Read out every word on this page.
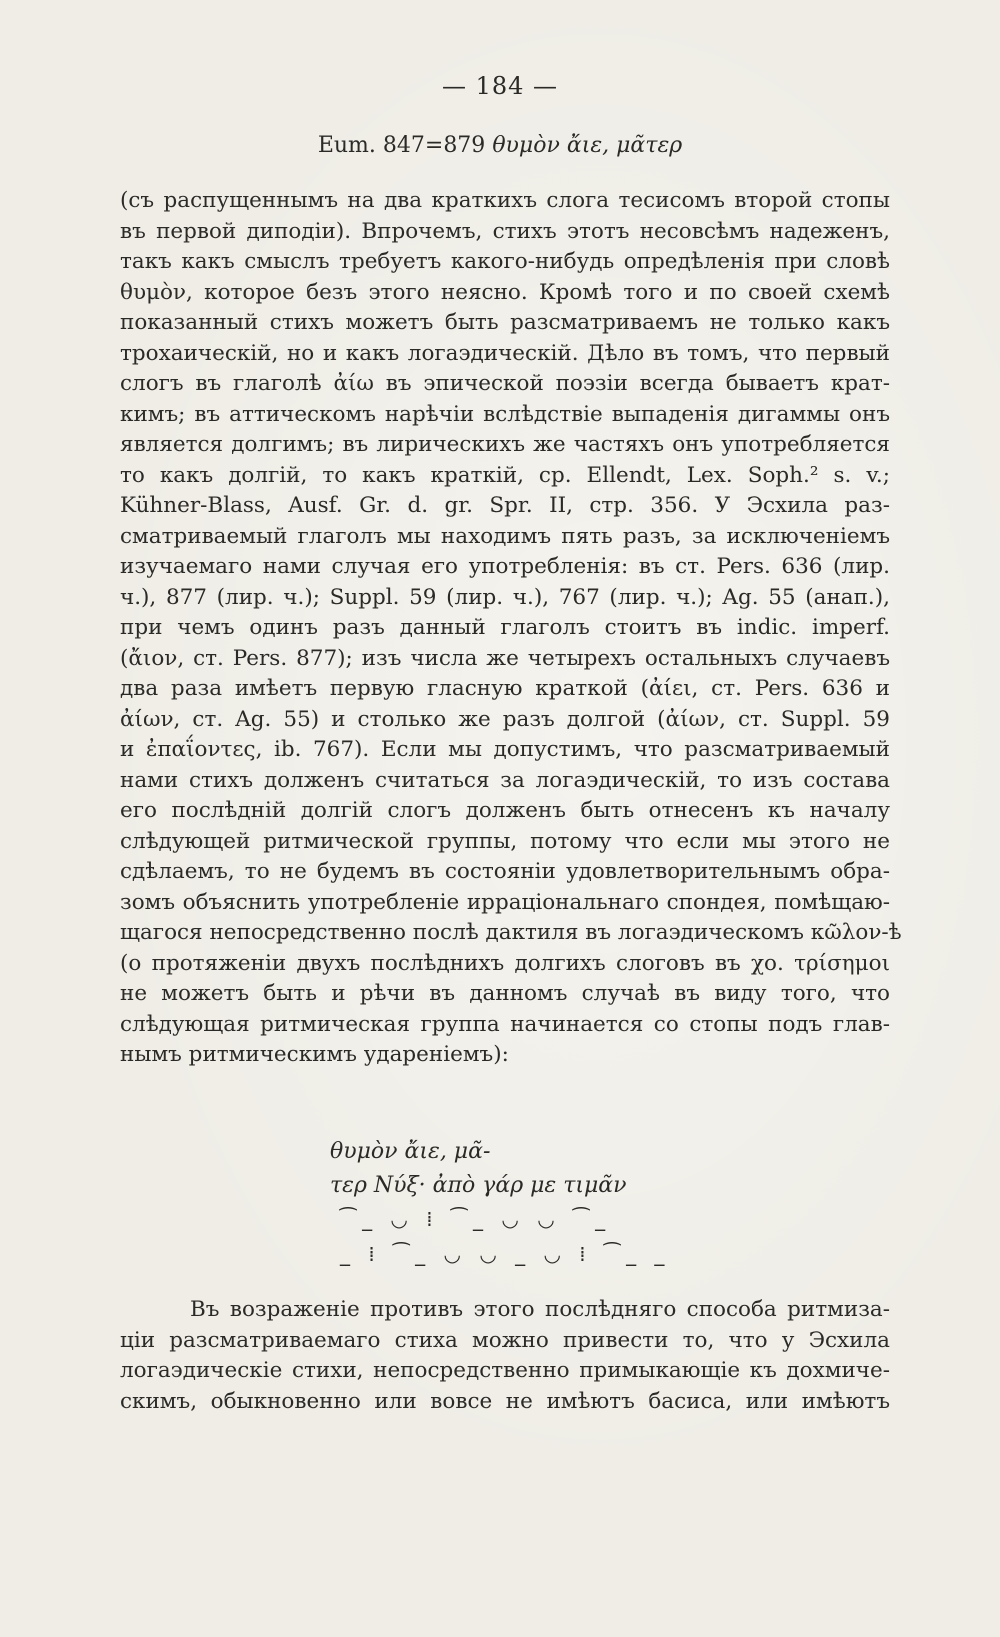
— 184 —
Eum. 847=879 θυμὸν ἄιε, μᾶτερ
(съ распущеннымъ на два краткихъ слога тесисомъ второй стопы
въ первой диподіи). Впрочемъ, стихъ этотъ несовсѣмъ надеженъ,
такъ какъ смыслъ требуетъ какого-нибудь опредѣленія при словѣ
θυμὸν, которое безъ этого неясно. Кромѣ того и по своей схемѣ
показанный стихъ можетъ быть разсматриваемъ не только какъ
трохаическій, но и какъ логаэдическій. Дѣло въ томъ, что первый
слогъ въ глаголѣ ἀίω въ эпической поэзіи всегда бываетъ крат-
кимъ; въ аттическомъ нарѣчіи вслѣдствіе выпаденія дигаммы онъ
является долгимъ; въ лирическихъ же частяхъ онъ употребляется
то какъ долгій, то какъ краткій, ср. Ellendt, Lex. Soph.² s. v.;
Kühner-Blass, Ausf. Gr. d. gr. Spr. II, стр. 356. У Эсхила раз-
сматриваемый глаголъ мы находимъ пять разъ, за исключеніемъ
изучаемаго нами случая его употребленія: въ ст. Pers. 636 (лир.
ч.), 877 (лир. ч.); Suppl. 59 (лир. ч.), 767 (лир. ч.); Ag. 55 (анап.),
при чемъ одинъ разъ данный глаголъ стоитъ въ indic. imperf.
(ἄιον, ст. Pers. 877); изъ числа же четырехъ остальныхъ случаевъ
два раза имѣетъ первую гласную краткой (ἀίει, ст. Pers. 636 и
ἀίων, ст. Ag. 55) и столько же разъ долгой (ἀίων, ст. Suppl. 59
и ἐπαΐοντες, ib. 767). Если мы допустимъ, что разсматриваемый
нами стихъ долженъ считаться за логаэдическій, то изъ состава
его послѣдній долгій слогъ долженъ быть отнесенъ къ началу
слѣдующей ритмической группы, потому что если мы этого не
сдѣлаемъ, то не будемъ въ состояніи удовлетворительнымъ обра-
зомъ объяснить употребленіе ирраціональнаго спондея, помѣщаю-
щагося непосредственно послѣ дактиля въ логаэдическомъ κῶλον-ѣ
(о протяженіи двухъ послѣднихъ долгихъ слоговъ въ χο. τρίσημοι
не можетъ быть и рѣчи въ данномъ случаѣ въ виду того, что
слѣдующая ритмическая группа начинается со стопы подъ глав-
нымъ ритмическимъ удареніемъ):
θυμὸν ἄιε, μᾶ-
τερ Νύξ· ἀπὸ γάρ με τιμᾶν
⁀_ ◡ ⁞ ⁀_ ◡ ◡ ⁀_
_ ⁞ ⁀_ ◡ ◡ _ ◡ ⁞ ⁀_ _
Въ возраженіе противъ этого послѣдняго способа ритмиза-
ціи разсматриваемаго стиха можно привести то, что у Эсхила
логаэдическіе стихи, непосредственно примыкающіе къ дохмиче-
скимъ, обыкновенно или вовсе не имѣютъ басиса, или имѣютъ
